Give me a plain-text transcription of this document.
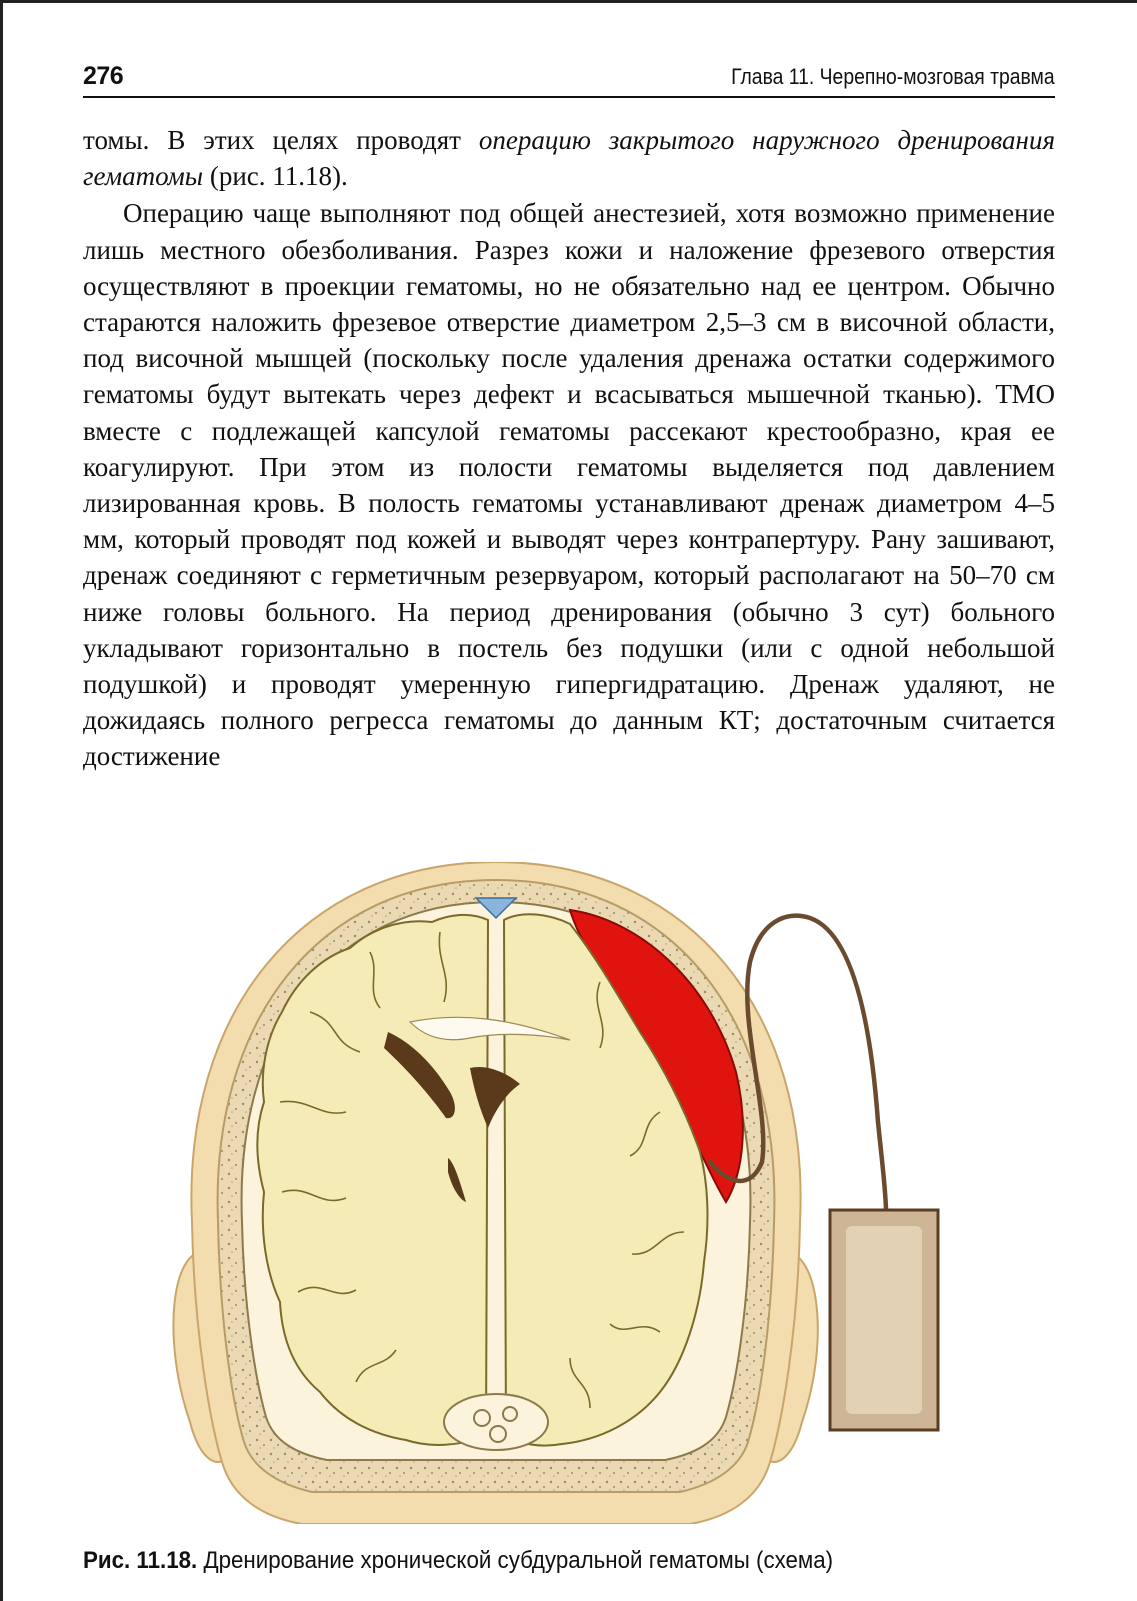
276	Глава 11. Черепно-мозговая травма

томы. В этих целях проводят операцию закрытого наружного дренирования гематомы (рис. 11.18).

Операцию чаще выполняют под общей анестезией, хотя возможно применение лишь местного обезболивания. Разрез кожи и наложение фрезевого отверстия осуществляют в проекции гематомы, но не обязательно над ее центром. Обычно стараются наложить фрезевое отверстие диаметром 2,5–3 см в височной области, под височной мышцей (поскольку после удаления дренажа остатки содержимого гематомы будут вытекать через дефект и всасываться мышечной тканью). ТМО вместе с подлежащей капсулой гематомы рассекают крестообразно, края ее коагулируют. При этом из полости гематомы выделяется под давлением лизированная кровь. В полость гематомы устанавливают дренаж диаметром 4–5 мм, который проводят под кожей и выводят через контрапертуру. Рану зашивают, дренаж соединяют с герметичным резервуаром, который располагают на 50–70 см ниже головы больного. На период дренирования (обычно 3 сут) больного укладывают горизонтально в постель без подушки (или с одной небольшой подушкой) и проводят умеренную гипергидратацию. Дренаж удаляют, не дожидаясь полного регресса гематомы до данным КТ; достаточным считается достижение

Рис. 11.18. Дренирование хронической субдуральной гематомы (схема)
